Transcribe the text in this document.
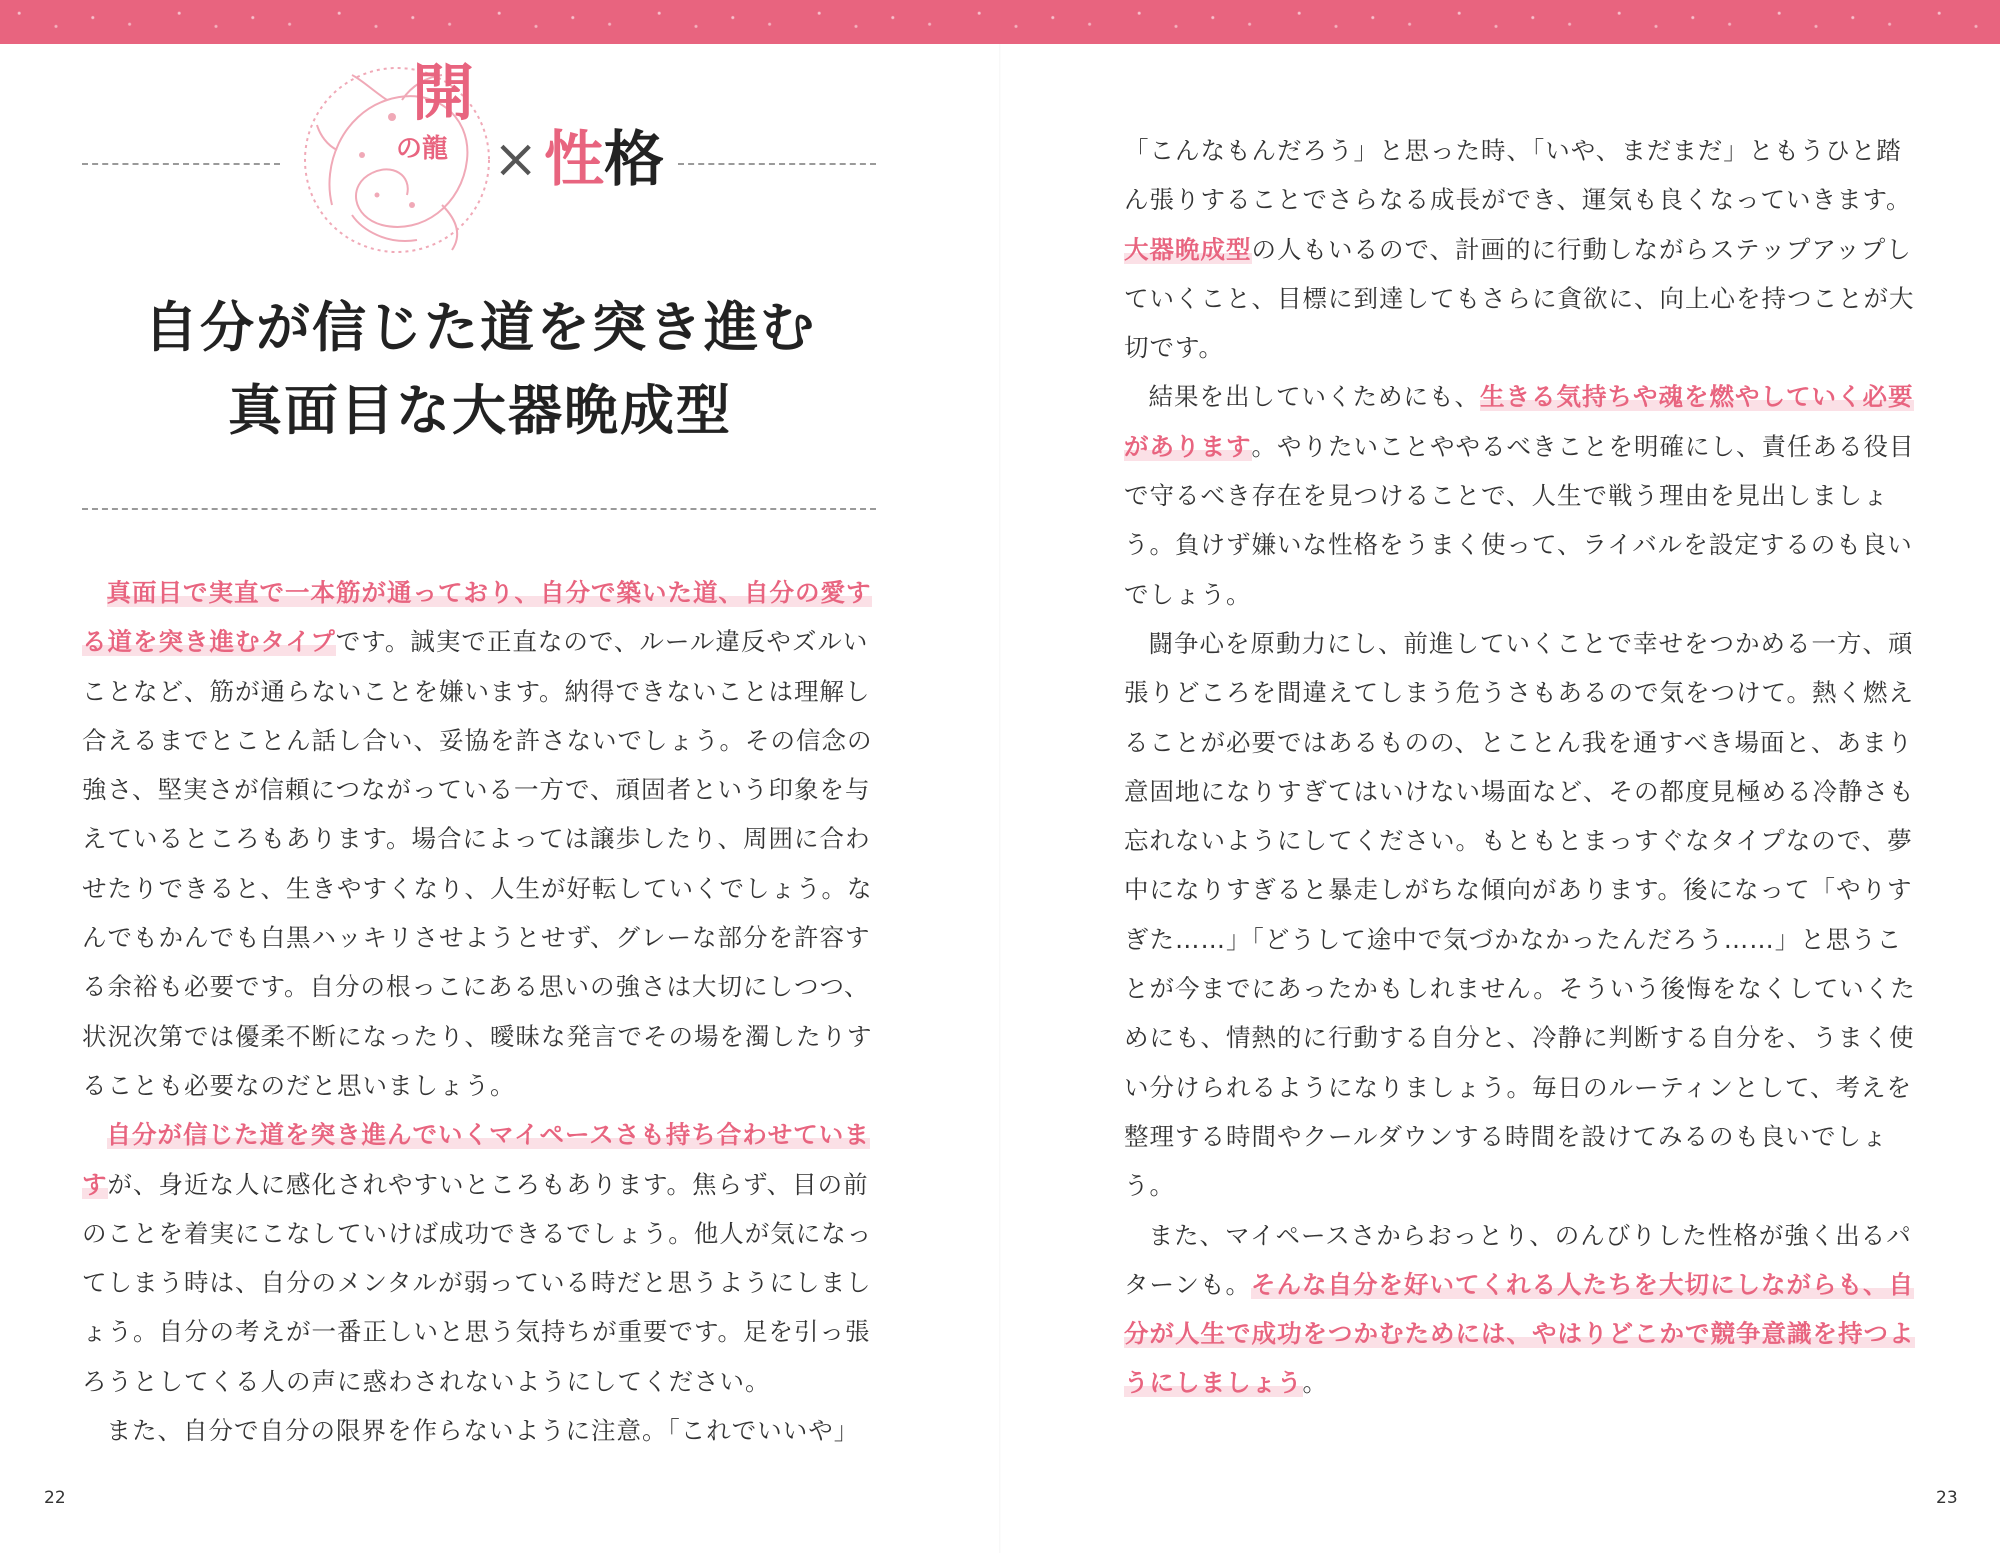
開
の龍 × 性 格
自分が信じた道を突き進む
真面目な大器晩成型

真面目で実直で一本筋が通っており、自分で築いた道、自分の愛する道を突き進むタイプです。誠実で正直なので、ルール違反やズルいことなど、筋が通らないことを嫌います。納得できないことは理解し合えるまでとことん話し合い、妥協を許さないでしょう。その信念の強さ、堅実さが信頼につながっている一方で、頑固者という印象を与えているところもあります。場合によっては譲歩したり、周囲に合わせたりできると、生きやすくなり、人生が好転していくでしょう。なんでもかんでも白黒ハッキリさせようとせず、グレーな部分を許容する余裕も必要です。自分の根っこにある思いの強さは大切にしつつ、状況次第では優柔不断になったり、曖昧な発言でその場を濁したりすることも必要なのだと思いましょう。

自分が信じた道を突き進んでいくマイペースさも持ち合わせていますが、身近な人に感化されやすいところもあります。焦らず、目の前のことを着実にこなしていけば成功できるでしょう。他人が気になってしまう時は、自分のメンタルが弱っている時だと思うようにしましょう。自分の考えが一番正しいと思う気持ちが重要です。足を引っ張ろうとしてくる人の声に惑わされないようにしてください。

また、自分で自分の限界を作らないように注意。「これでいいや」

「こんなもんだろう」と思った時、「いや、まだまだ」ともうひと踏ん張りすることでさらなる成長ができ、運気も良くなっていきます。大器晩成型の人もいるので、計画的に行動しながらステップアップしていくこと、目標に到達してもさらに貪欲に、向上心を持つことが大切です。

結果を出していくためにも、生きる気持ちや魂を燃やしていく必要があります。やりたいことややるべきことを明確にし、責任ある役目で守るべき存在を見つけることで、人生で戦う理由を見出しましょう。負けず嫌いな性格をうまく使って、ライバルを設定するのも良いでしょう。

闘争心を原動力にし、前進していくことで幸せをつかめる一方、頑張りどころを間違えてしまう危うさもあるので気をつけて。熱く燃えることが必要ではあるものの、とことん我を通すべき場面と、あまり意固地になりすぎてはいけない場面など、その都度見極める冷静さも忘れないようにしてください。もともとまっすぐなタイプなので、夢中になりすぎると暴走しがちな傾向があります。後になって「やりすぎた……」「どうして途中で気づかなかったんだろう……」と思うことが今までにあったかもしれません。そういう後悔をなくしていくためにも、情熱的に行動する自分と、冷静に判断する自分を、うまく使い分けられるようになりましょう。毎日のルーティンとして、考えを整理する時間やクールダウンする時間を設けてみるのも良いでしょう。

また、マイペースさからおっとり、のんびりした性格が強く出るパターンも。そんな自分を好いてくれる人たちを大切にしながらも、自分が人生で成功をつかむためには、やはりどこかで競争意識を持つようにしましょう。

22	23
